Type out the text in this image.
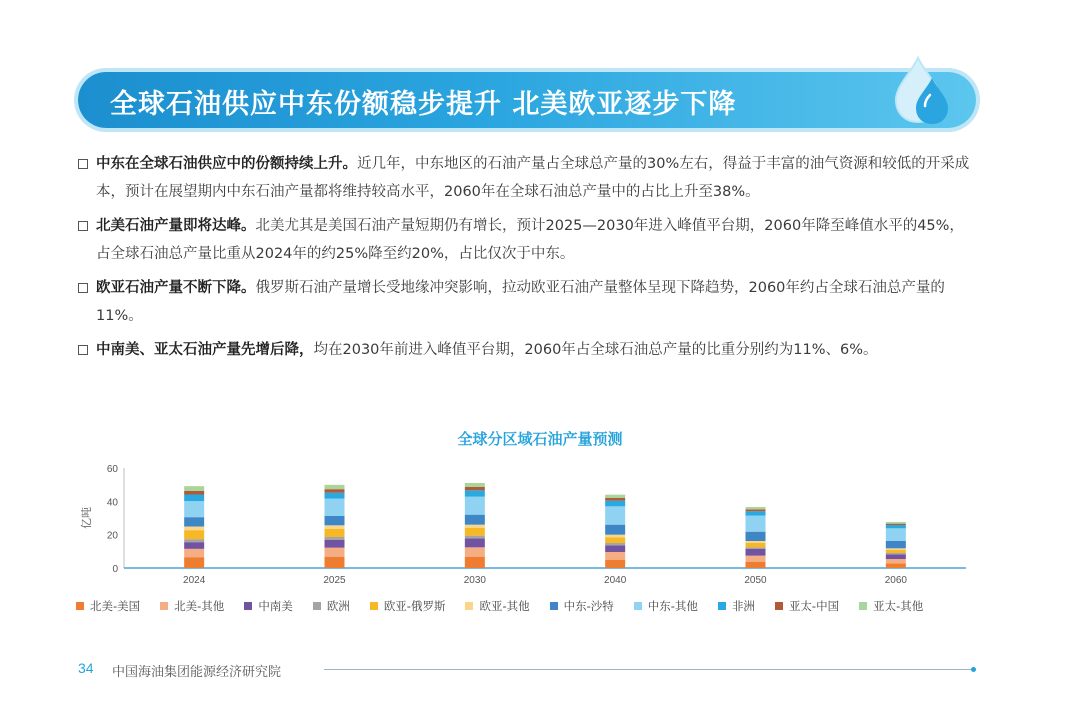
全球石油供应中东份额稳步提升 北美欧亚逐步下降
中东在全球石油供应中的份额持续上升。近几年，中东地区的石油产量占全球总产量的30%左右，得益于丰富的油气资源和较低的开采成本，预计在展望期内中东石油产量都将维持较高水平，2060年在全球石油总产量中的占比上升至38%。
北美石油产量即将达峰。北美尤其是美国石油产量短期仍有增长，预计2025—2030年进入峰值平台期，2060年降至峰值水平的45%，占全球石油总产量比重从2024年的约25%降至约20%，占比仅次于中东。
欧亚石油产量不断下降。俄罗斯石油产量增长受地缘冲突影响，拉动欧亚石油产量整体呈现下降趋势，2060年约占全球石油总产量的11%。
中南美、亚太石油产量先增后降，均在2030年前进入峰值平台期，2060年占全球石油总产量的比重分别约为11%、6%。
全球分区域石油产量预测
0
20
40
60
亿吨
2024	2025	2030	2040	2050	2060
北美-美国	北美-其他	中南美	欧洲	欧亚-俄罗斯	欧亚-其他	中东-沙特	中东-其他	非洲	亚太-中国	亚太-其他
34 中国海油集团能源经济研究院
